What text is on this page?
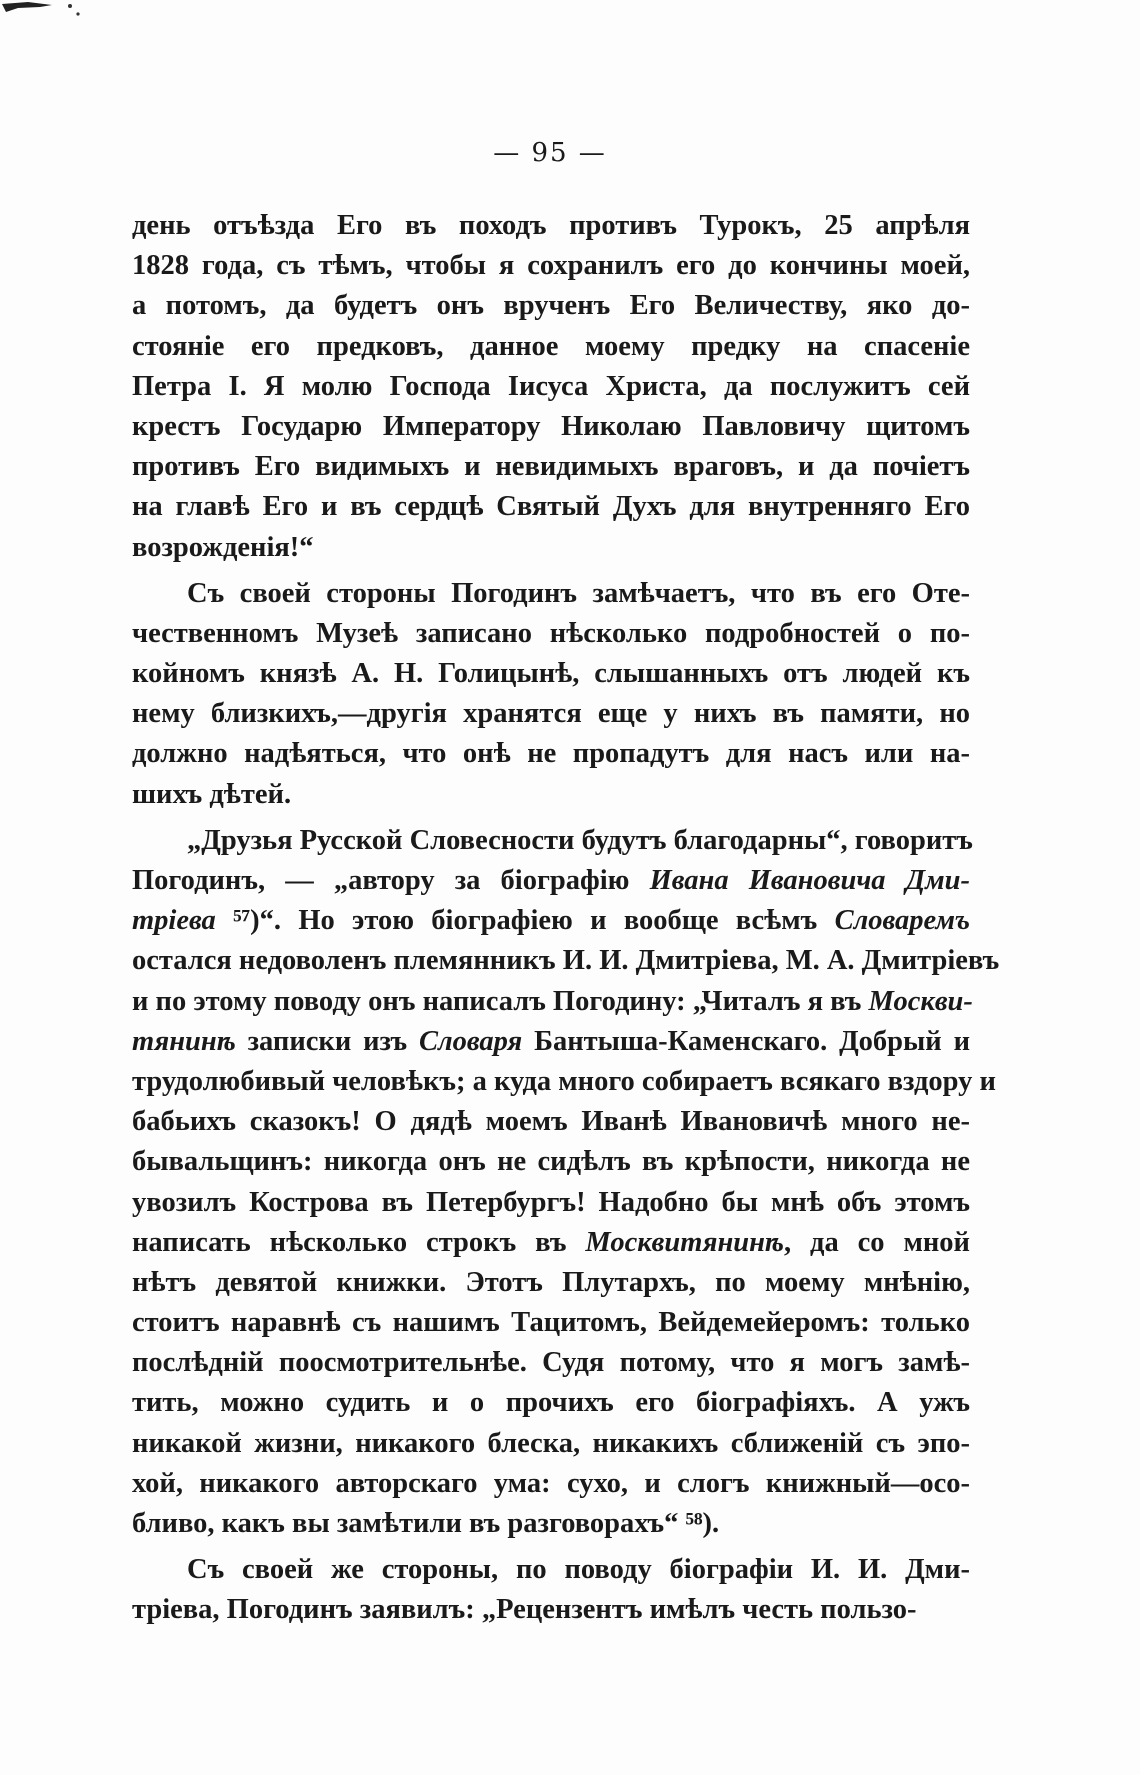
— 95 —
день отъѣзда Его въ походъ противъ Турокъ, 25 апрѣля
1828 года, съ тѣмъ, чтобы я сохранилъ его до кончины моей,
а потомъ, да будетъ онъ врученъ Его Величеству, яко до-
стояніе его предковъ, данное моему предку на спасеніе
Петра I. Я молю Господа Іисуса Христа, да послужитъ сей
крестъ Государю Императору Николаю Павловичу щитомъ
противъ Его видимыхъ и невидимыхъ враговъ, и да почіетъ
на главѣ Его и въ сердцѣ Святый Духъ для внутренняго Его
возрожденія!“
Съ своей стороны Погодинъ замѣчаетъ, что въ его Оте-
чественномъ Музеѣ записано нѣсколько подробностей о по-
койномъ князѣ А. Н. Голицынѣ, слышанныхъ отъ людей къ
нему близкихъ,—другія хранятся еще у нихъ въ памяти, но
должно надѣяться, что онѣ не пропадутъ для насъ или на-
шихъ дѣтей.
„Друзья Русской Словесности будутъ благодарны“, говоритъ
Погодинъ, — „автору за біографію Ивана Ивановича Дми-
тріева ⁵⁷)“. Но этою біографіею и вообще всѣмъ Словаремъ
остался недоволенъ племянникъ И. И. Дмитріева, М. А. Дмитріевъ
и по этому поводу онъ написалъ Погодину: „Читалъ я въ Москви-
тянинѣ записки изъ Словаря Бантыша-Каменскаго. Добрый и
трудолюбивый человѣкъ; а куда много собираетъ всякаго вздору и
бабьихъ сказокъ! О дядѣ моемъ Иванѣ Ивановичѣ много не-
бывальщинъ: никогда онъ не сидѣлъ въ крѣпости, никогда не
увозилъ Кострова въ Петербургъ! Надобно бы мнѣ объ этомъ
написать нѣсколько строкъ въ Москвитянинѣ, да со мной
нѣтъ девятой книжки. Этотъ Плутархъ, по моему мнѣнію,
стоитъ наравнѣ съ нашимъ Тацитомъ, Вейдемейеромъ: только
послѣдній поосмотрительнѣе. Судя потому, что я могъ замѣ-
тить, можно судить и о прочихъ его біографіяхъ. А ужъ
никакой жизни, никакого блеска, никакихъ сближеній съ эпо-
хой, никакого авторскаго ума: сухо, и слогъ книжный—осо-
бливо, какъ вы замѣтили въ разговорахъ“ ⁵⁸).
Съ своей же стороны, по поводу біографіи И. И. Дми-
тріева, Погодинъ заявилъ: „Рецензентъ имѣлъ честь пользо-
